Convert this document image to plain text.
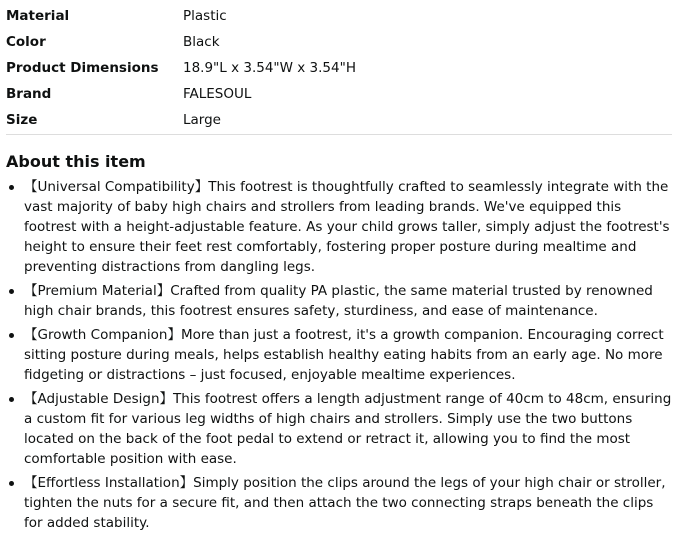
Material	Plastic
Color	Black
Product Dimensions	18.9"L x 3.54"W x 3.54"H
Brand	FALESOUL
Size	Large
About this item
【Universal Compatibility】This footrest is thoughtfully crafted to seamlessly integrate with the vast majority of baby high chairs and strollers from leading brands. We've equipped this footrest with a height-adjustable feature. As your child grows taller, simply adjust the footrest's height to ensure their feet rest comfortably, fostering proper posture during mealtime and preventing distractions from dangling legs.
【Premium Material】Crafted from quality PA plastic, the same material trusted by renowned high chair brands, this footrest ensures safety, sturdiness, and ease of maintenance.
【Growth Companion】More than just a footrest, it's a growth companion. Encouraging correct sitting posture during meals, helps establish healthy eating habits from an early age. No more fidgeting or distractions – just focused, enjoyable mealtime experiences.
【Adjustable Design】This footrest offers a length adjustment range of 40cm to 48cm, ensuring a custom fit for various leg widths of high chairs and strollers. Simply use the two buttons located on the back of the foot pedal to extend or retract it, allowing you to find the most comfortable position with ease.
【Effortless Installation】Simply position the clips around the legs of your high chair or stroller, tighten the nuts for a secure fit, and then attach the two connecting straps beneath the clips for added stability.
